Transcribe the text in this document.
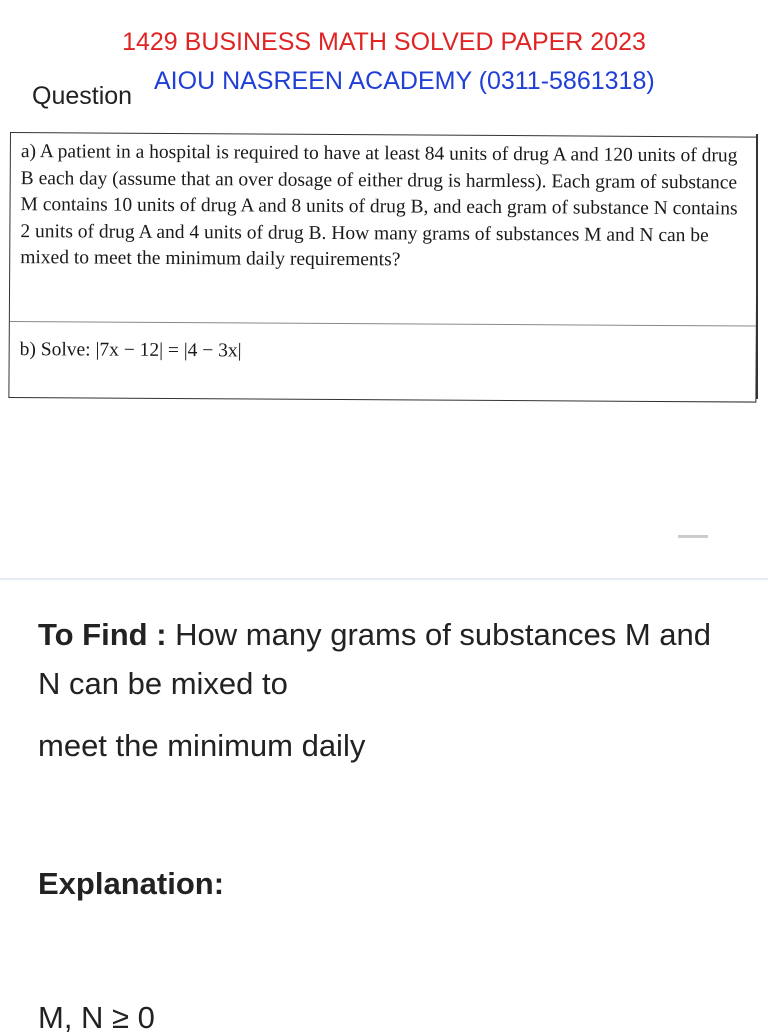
1429 BUSINESS MATH SOLVED PAPER 2023
AIOU NASREEN ACADEMY (0311-5861318)
Question

a) A patient in a hospital is required to have at least 84 units of drug A and 120 units of drug B each day (assume that an over dosage of either drug is harmless). Each gram of substance M contains 10 units of drug A and 8 units of drug B, and each gram of substance N contains 2 units of drug A and 4 units of drug B. How many grams of substances M and N can be mixed to meet the minimum daily requirements?

b) Solve: |7x − 12| = |4 − 3x|

To Find : How many grams of substances M and N can be mixed to
meet the minimum daily
Explanation:
M, N ≥ 0
